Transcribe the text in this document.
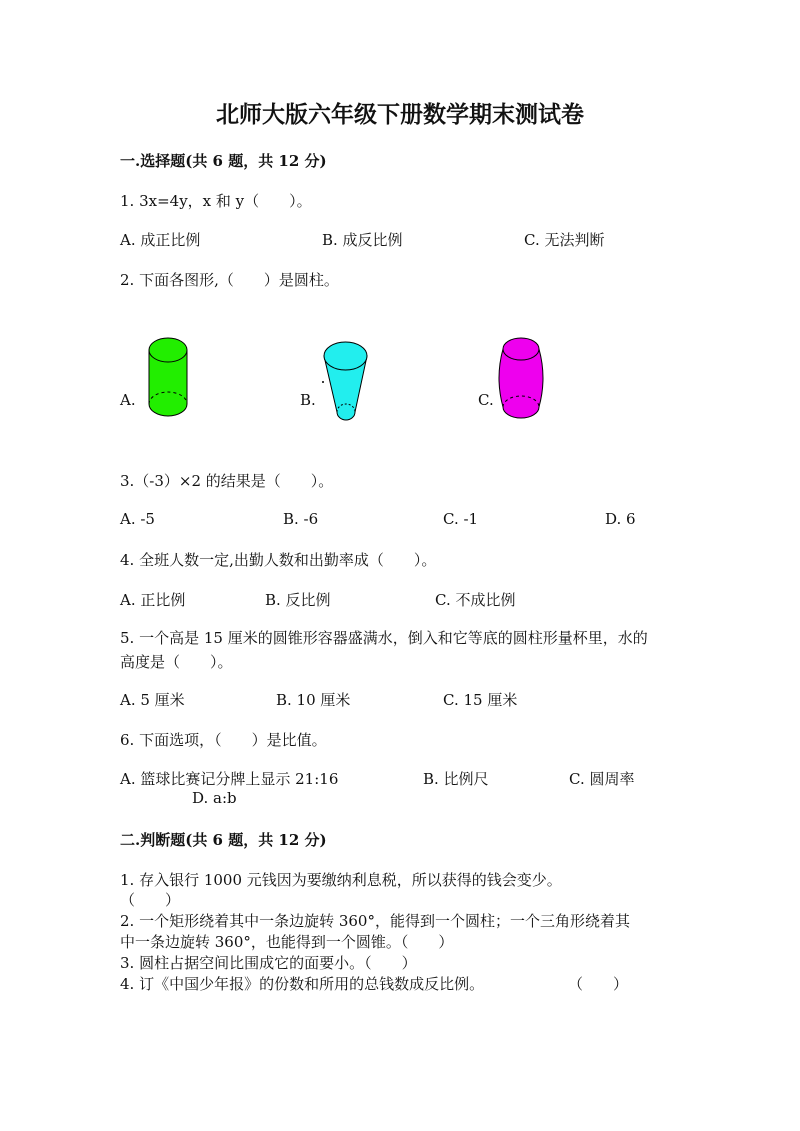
北师大版六年级下册数学期末测试卷
一.选择题(共 6 题，共 12 分)
1. 3x=4y，x 和 y（　　）。
A. 成正比例	B. 成反比例	C. 无法判断
2. 下面各图形,（　　）是圆柱。
A.	B.	C.
3.（-3）×2 的结果是（　　）。
A. -5	B. -6	C. -1	D. 6
4. 全班人数一定,出勤人数和出勤率成（　　）。
A. 正比例	B. 反比例	C. 不成比例
5. 一个高是 15 厘米的圆锥形容器盛满水，倒入和它等底的圆柱形量杯里，水的
高度是（　　）。
A. 5 厘米	B. 10 厘米	C. 15 厘米
6. 下面选项，（　　）是比值。
A. 篮球比赛记分牌上显示 21:16	B. 比例尺	C. 圆周率
D. a:b
二.判断题(共 6 题，共 12 分)
1. 存入银行 1000 元钱因为要缴纳利息税，所以获得的钱会变少。
（　　）
2. 一个矩形绕着其中一条边旋转 360°，能得到一个圆柱；一个三角形绕着其
中一条边旋转 360°，也能得到一个圆锥。（　　）
3. 圆柱占据空间比围成它的面要小。（　　）
4. 订《中国少年报》的份数和所用的总钱数成反比例。	（　　）
